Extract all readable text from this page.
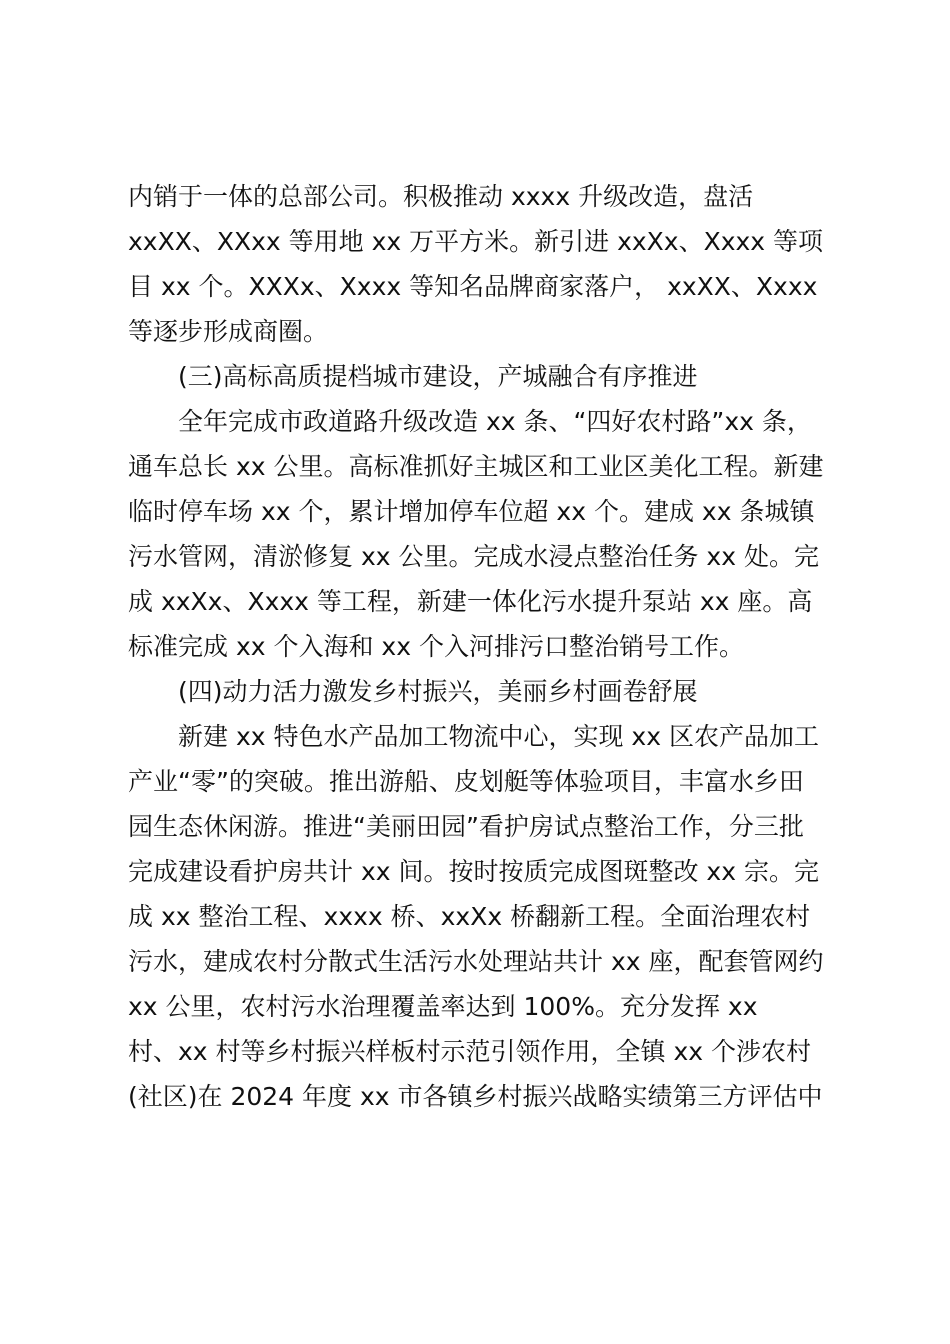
内销于一体的总部公司。积极推动 xxxx 升级改造，盘活
xxXX、XXxx 等用地 xx 万平方米。新引进 xxXx、Xxxx 等项
目 xx 个。XXXx、Xxxx 等知名品牌商家落户， xxXX、Xxxx
等逐步形成商圈。
(三)高标高质提档城市建设，产城融合有序推进
全年完成市政道路升级改造 xx 条、“四好农村路”xx 条，
通车总长 xx 公里。高标准抓好主城区和工业区美化工程。新建
临时停车场 xx 个，累计增加停车位超 xx 个。建成 xx 条城镇
污水管网，清淤修复 xx 公里。完成水浸点整治任务 xx 处。完
成 xxXx、Xxxx 等工程，新建一体化污水提升泵站 xx 座。高
标准完成 xx 个入海和 xx 个入河排污口整治销号工作。
(四)动力活力激发乡村振兴，美丽乡村画卷舒展
新建 xx 特色水产品加工物流中心，实现 xx 区农产品加工
产业“零”的突破。推出游船、皮划艇等体验项目，丰富水乡田
园生态休闲游。推进“美丽田园”看护房试点整治工作，分三批
完成建设看护房共计 xx 间。按时按质完成图斑整改 xx 宗。完
成 xx 整治工程、xxxx 桥、xxXx 桥翻新工程。全面治理农村
污水，建成农村分散式生活污水处理站共计 xx 座，配套管网约
xx 公里，农村污水治理覆盖率达到 100%。充分发挥 xx
村、xx 村等乡村振兴样板村示范引领作用，全镇 xx 个涉农村
(社区)在 2024 年度 xx 市各镇乡村振兴战略实绩第三方评估中
